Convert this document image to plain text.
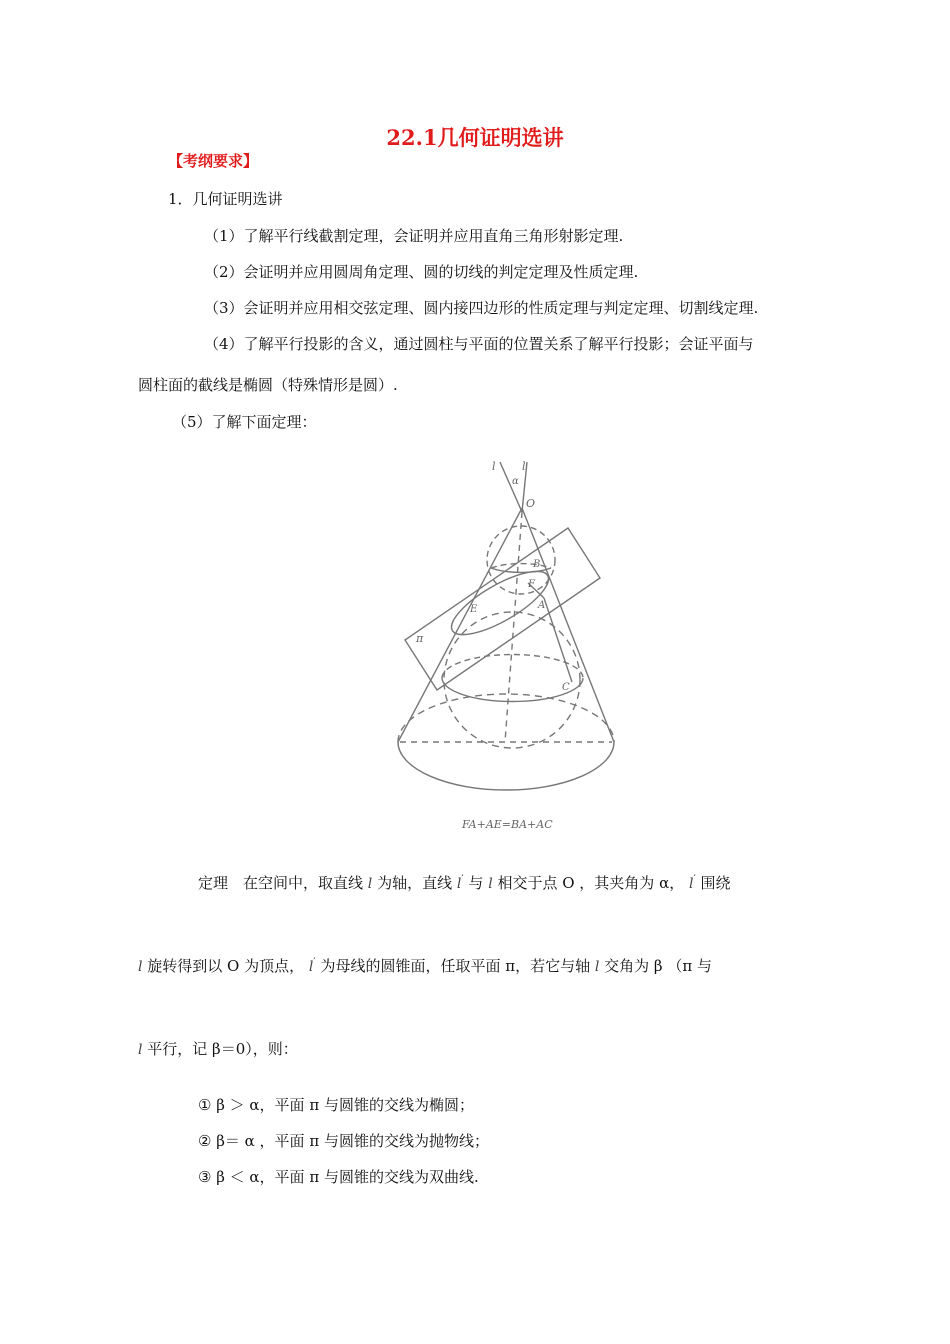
22.1几何证明选讲
【考纲要求】
1．几何证明选讲
（1）了解平行线截割定理，会证明并应用直角三角形射影定理.
（2）会证明并应用圆周角定理、圆的切线的判定定理及性质定理.
（3）会证明并应用相交弦定理、圆内接四边形的性质定理与判定定理、切割线定理.
（4）了解平行投影的含义，通过圆柱与平面的位置关系了解平行投影；会证平面与
圆柱面的截线是椭圆（特殊情形是圆）.
（5）了解下面定理：
l l
α
O
B
F
E	A
C
π
FA+AE=BA+AC
定理　在空间中，取直线 l 为轴，直线 l′ 与 l 相交于点 O ，其夹角为 α， l′ 围绕
l 旋转得到以 O 为顶点， l′ 为母线的圆锥面，任取平面 π，若它与轴 l 交角为 β （π 与
l 平行，记 β＝0），则：
① β ＞ α，平面 π 与圆锥的交线为椭圆；
② β＝ α ，平面 π 与圆锥的交线为抛物线；
③ β ＜ α，平面 π 与圆锥的交线为双曲线.
